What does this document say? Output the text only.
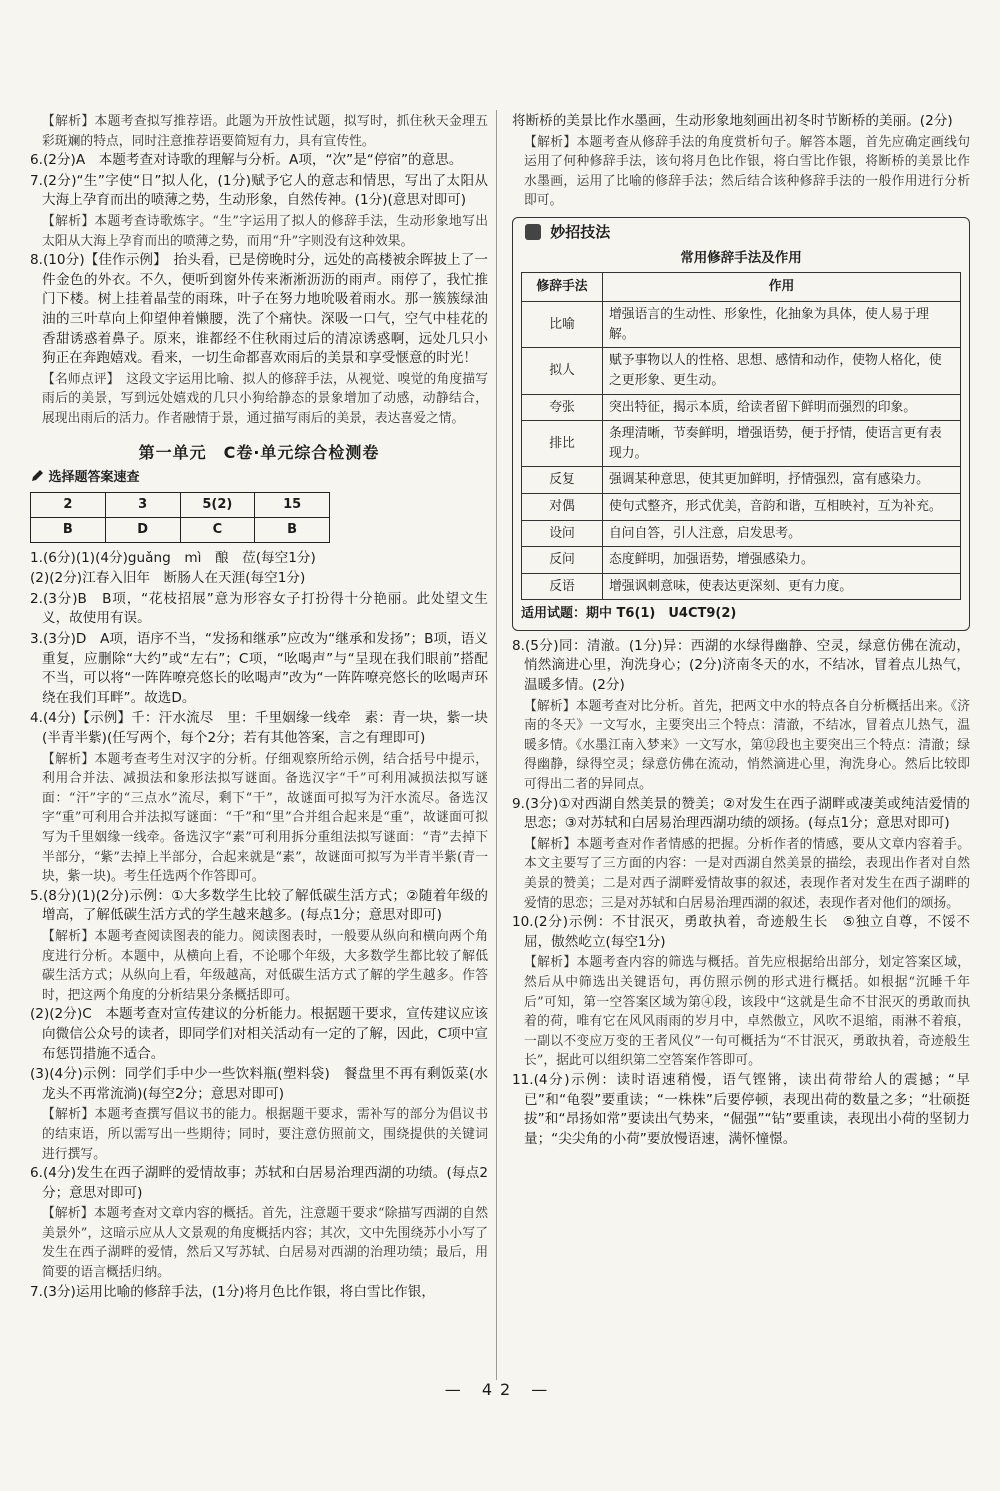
【解析】本题考查拟写推荐语。此题为开放性试题，拟写时，抓住秋天金理五彩斑斓的特点，同时注意推荐语要简短有力，具有宣传性。
6.(2分)A　本题考查对诗歌的理解与分析。A项，“次”是“停宿”的意思。
7.(2分)“生”字使“日”拟人化，(1分)赋予它人的意志和情思，写出了太阳从大海上孕育而出的喷薄之势，生动形象，自然传神。(1分)(意思对即可)
【解析】本题考查诗歌炼字。“生”字运用了拟人的修辞手法，生动形象地写出太阳从大海上孕育而出的喷薄之势，而用“升”字则没有这种效果。
8.(10分)【佳作示例】　抬头看，已是傍晚时分，远处的高楼被余晖披上了一件金色的外衣。不久，便听到窗外传来淅淅沥沥的雨声。雨停了，我忙推门下楼。树上挂着晶莹的雨珠，叶子在努力地吮吸着雨水。那一簇簇绿油油的三叶草向上仰望伸着懒腰，洗了个痛快。深吸一口气，空气中桂花的香甜诱惑着鼻子。原来，谁都经不住秋雨过后的清凉诱惑啊，远处几只小狗正在奔跑嬉戏。看来，一切生命都喜欢雨后的美景和享受惬意的时光！
【名师点评】　这段文字运用比喻、拟人的修辞手法，从视觉、嗅觉的角度描写雨后的美景，写到远处嬉戏的几只小狗给静态的景象增加了动感，动静结合，展现出雨后的活力。作者融情于景，通过描写雨后的美景，表达喜爱之情。
第一单元　C卷·单元综合检测卷
选择题答案速查
2	3	5(2)	15
B	D	C	B
1.(6分)(1)(4分)guǎng　mì　酿　莅(每空1分)
(2)(2分)江春入旧年　断肠人在天涯(每空1分)
2.(3分)B　B项，“花枝招展”意为形容女子打扮得十分艳丽。此处望文生义，故使用有误。
3.(3分)D　A项，语序不当，“发扬和继承”应改为“继承和发扬”；B项，语义重复，应删除“大约”或“左右”；C项，“吆喝声”与“呈现在我们眼前”搭配不当，可以将“一阵阵嘹亮悠长的吆喝声”改为“一阵阵嘹亮悠长的吆喝声环绕在我们耳畔”。故选D。
4.(4分)【示例】千：汗水流尽　里：千里姻缘一线牵　素：青一块，紫一块(半青半紫)(任写两个，每个2分；若有其他答案，言之有理即可)
【解析】本题考查考生对汉字的分析。仔细观察所给示例，结合括号中提示，利用合并法、减损法和象形法拟写谜面。备选汉字“千”可利用减损法拟写谜面：“汗”字的“三点水”流尽，剩下“干”，故谜面可拟写为汗水流尽。备选汉字“重”可利用合并法拟写谜面：“千”和“里”合并组合起来是“重”，故谜面可拟写为千里姻缘一线牵。备选汉字“素”可利用拆分重组法拟写谜面：“青”去掉下半部分，“紫”去掉上半部分，合起来就是“素”，故谜面可拟写为半青半紫(青一块，紫一块)。考生任选两个作答即可。
5.(8分)(1)(2分)示例：①大多数学生比较了解低碳生活方式；②随着年级的增高，了解低碳生活方式的学生越来越多。(每点1分；意思对即可)
【解析】本题考查阅读图表的能力。阅读图表时，一般要从纵向和横向两个角度进行分析。本题中，从横向上看，不论哪个年级，大多数学生都比较了解低碳生活方式；从纵向上看，年级越高，对低碳生活方式了解的学生越多。作答时，把这两个角度的分析结果分条概括即可。
(2)(2分)C　本题考查对宣传建议的分析能力。根据题干要求，宣传建议应该向微信公众号的读者，即同学们对相关活动有一定的了解，因此，C项中宣布惩罚措施不适合。
(3)(4分)示例：同学们手中少一些饮料瓶(塑料袋)　餐盘里不再有剩饭菜(水龙头不再常流淌)(每空2分；意思对即可)
【解析】本题考查撰写倡议书的能力。根据题干要求，需补写的部分为倡议书的结束语，所以需写出一些期待；同时，要注意仿照前文，围绕提供的关键词进行撰写。
6.(4分)发生在西子湖畔的爱情故事；苏轼和白居易治理西湖的功绩。(每点2分；意思对即可)
【解析】本题考查对文章内容的概括。首先，注意题干要求“除描写西湖的自然美景外”，这暗示应从人文景观的角度概括内容；其次，文中先围绕苏小小写了发生在西子湖畔的爱情，然后又写苏轼、白居易对西湖的治理功绩；最后，用简要的语言概括归纳。
7.(3分)运用比喻的修辞手法，(1分)将月色比作银，将白雪比作银，
将断桥的美景比作水墨画，生动形象地刻画出初冬时节断桥的美丽。(2分)
【解析】本题考查从修辞手法的角度赏析句子。解答本题，首先应确定画线句运用了何种修辞手法，该句将月色比作银，将白雪比作银，将断桥的美景比作水墨画，运用了比喻的修辞手法；然后结合该种修辞手法的一般作用进行分析即可。
妙招技法
常用修辞手法及作用
修辞手法	作用
比喻	增强语言的生动性、形象性，化抽象为具体，使人易于理解。
拟人	赋予事物以人的性格、思想、感情和动作，使物人格化，使之更形象、更生动。
夸张	突出特征，揭示本质，给读者留下鲜明而强烈的印象。
排比	条理清晰，节奏鲜明，增强语势，便于抒情，使语言更有表现力。
反复	强调某种意思，使其更加鲜明，抒情强烈，富有感染力。
对偶	使句式整齐，形式优美，音韵和谐，互相映衬，互为补充。
设问	自问自答，引人注意，启发思考。
反问	态度鲜明，加强语势，增强感染力。
反语	增强讽刺意味，使表达更深刻、更有力度。
适用试题：期中 T6(1)　U4CT9(2)
8.(5分)同：清澈。(1分)异：西湖的水绿得幽静、空灵，绿意仿佛在流动，悄然滴进心里，洵洗身心；(2分)济南冬天的水，不结冰，冒着点儿热气，温暖多情。(2分)
【解析】本题考查对比分析。首先，把两文中水的特点各自分析概括出来。《济南的冬天》一文写水，主要突出三个特点：清澈，不结冰，冒着点儿热气，温暖多情。《水墨江南入梦来》一文写水，第⑫段也主要突出三个特点：清澈；绿得幽静，绿得空灵；绿意仿佛在流动，悄然滴进心里，洵洗身心。然后比较即可得出二者的异同点。
9.(3分)①对西湖自然美景的赞美；②对发生在西子湖畔或凄美或纯洁爱情的思恋；③对苏轼和白居易治理西湖功绩的颂扬。(每点1分；意思对即可)
【解析】本题考查对作者情感的把握。分析作者的情感，要从文章内容着手。本文主要写了三方面的内容：一是对西湖自然美景的描绘，表现出作者对自然美景的赞美；二是对西子湖畔爱情故事的叙述，表现作者对发生在西子湖畔的爱情的思恋；三是对苏轼和白居易治理西湖的叙述，表现作者对他们的颂扬。
10.(2分)示例：不甘泯灭，勇敢执着，奇迹般生长　⑤独立自尊，不馁不屈，傲然屹立(每空1分)
【解析】本题考查内容的筛选与概括。首先应根据给出部分，划定答案区域，然后从中筛选出关键语句，再仿照示例的形式进行概括。如根据“沉睡千年后”可知，第一空答案区域为第④段，该段中“这就是生命不甘泯灭的勇敢而执着的荷，唯有它在风风雨雨的岁月中，卓然傲立，风吹不退缩，雨淋不着痕，一副以不变应万变的王者风仪”一句可概括为“不甘泯灭，勇敢执着，奇迹般生长”，据此可以组织第二空答案作答即可。
11.(4分)示例：读时语速稍慢，语气铿锵，读出荷带给人的震撼；“早已”和“龟裂”要重读；“一株株”后要停顿，表现出荷的数量之多；“壮硕挺拔”和“昂扬如常”要读出气势来，“倔强”“钻”要重读，表现出小荷的坚韧力量；“尖尖角的小荷”要放慢语速，满怀憧憬。
— 42 —
